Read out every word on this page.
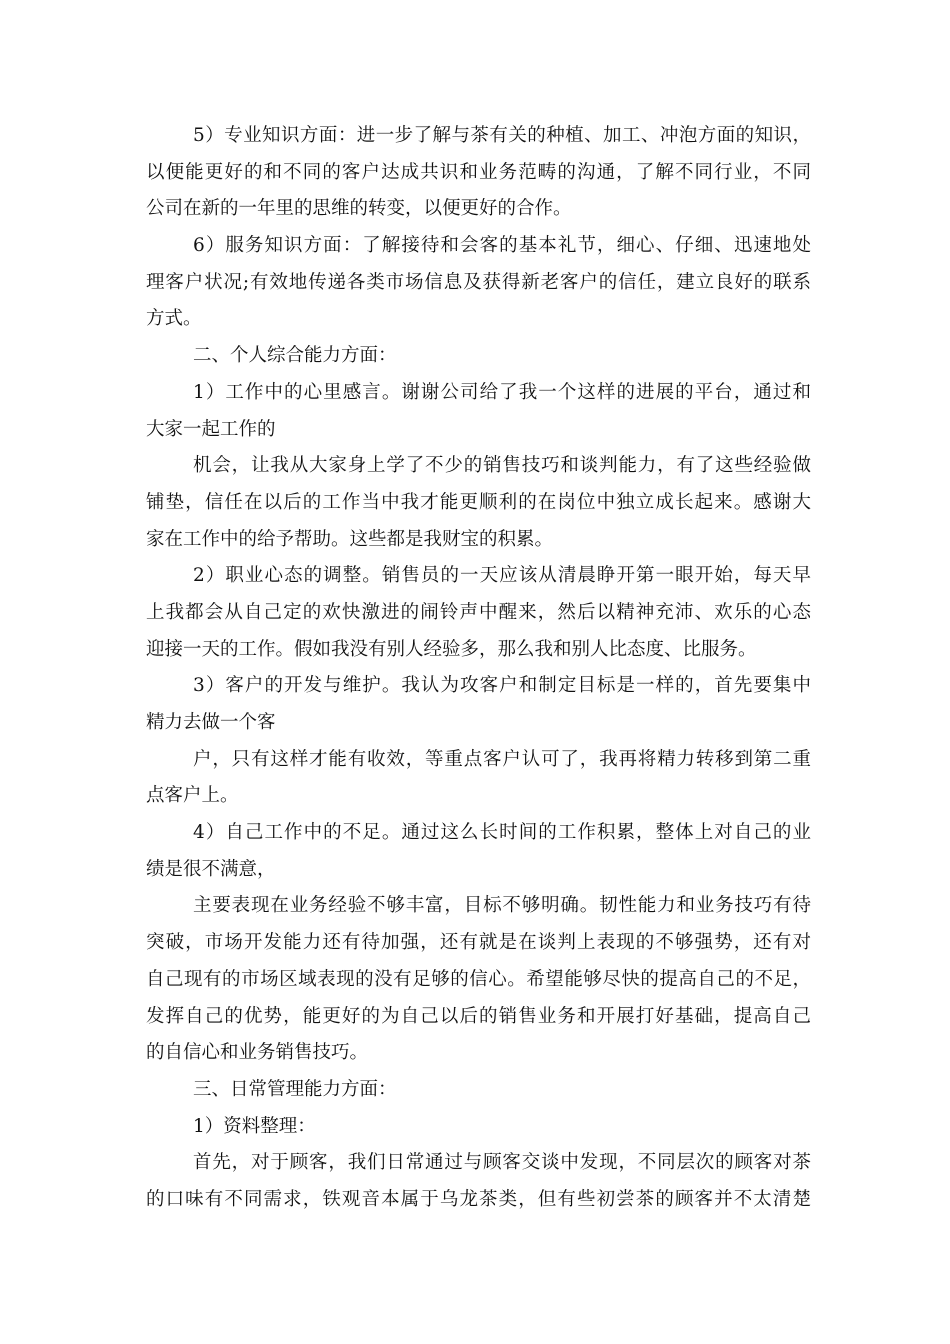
5）专业知识方面：进一步了解与茶有关的种植、加工、冲泡方面的知识，
以便能更好的和不同的客户达成共识和业务范畴的沟通，了解不同行业，不同
公司在新的一年里的思维的转变，以便更好的合作。
6）服务知识方面：了解接待和会客的基本礼节，细心、仔细、迅速地处
理客户状况;有效地传递各类市场信息及获得新老客户的信任，建立良好的联系
方式。
二、个人综合能力方面：
1）工作中的心里感言。谢谢公司给了我一个这样的进展的平台，通过和
大家一起工作的
机会，让我从大家身上学了不少的销售技巧和谈判能力，有了这些经验做
铺垫，信任在以后的工作当中我才能更顺利的在岗位中独立成长起来。感谢大
家在工作中的给予帮助。这些都是我财宝的积累。
2）职业心态的调整。销售员的一天应该从清晨睁开第一眼开始，每天早
上我都会从自己定的欢快激进的闹铃声中醒来，然后以精神充沛、欢乐的心态
迎接一天的工作。假如我没有别人经验多，那么我和别人比态度、比服务。
3）客户的开发与维护。我认为攻客户和制定目标是一样的，首先要集中
精力去做一个客
户，只有这样才能有收效，等重点客户认可了，我再将精力转移到第二重
点客户上。
4）自己工作中的不足。通过这么长时间的工作积累，整体上对自己的业
绩是很不满意，
主要表现在业务经验不够丰富，目标不够明确。韧性能力和业务技巧有待
突破，市场开发能力还有待加强，还有就是在谈判上表现的不够强势，还有对
自己现有的市场区域表现的没有足够的信心。希望能够尽快的提高自己的不足，
发挥自己的优势，能更好的为自己以后的销售业务和开展打好基础，提高自己
的自信心和业务销售技巧。
三、日常管理能力方面：
1）资料整理：
首先，对于顾客，我们日常通过与顾客交谈中发现，不同层次的顾客对茶
的口味有不同需求，铁观音本属于乌龙茶类，但有些初尝茶的顾客并不太清楚
